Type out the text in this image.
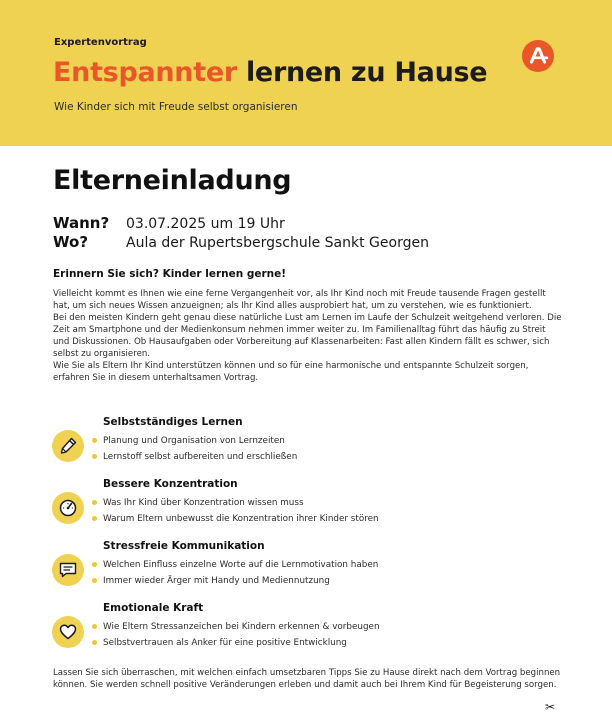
Expertenvortrag
Entspannter lernen zu Hause
Wie Kinder sich mit Freude selbst organisieren
Elterneinladung
Wann?	03.07.2025 um 19 Uhr
Wo?	Aula der Rupertsbergschule Sankt Georgen
Erinnern Sie sich? Kinder lernen gerne!

Vielleicht kommt es Ihnen wie eine ferne Vergangenheit vor, als Ihr Kind noch mit Freude tausende Fragen gestellt hat, um sich neues Wissen anzueignen; als Ihr Kind alles ausprobiert hat, um zu verstehen, wie es funktioniert.

Bei den meisten Kindern geht genau diese natürliche Lust am Lernen im Laufe der Schulzeit weitgehend verloren. Die Zeit am Smartphone und der Medienkonsum nehmen immer weiter zu. Im Familienalltag führt das häufig zu Streit und Diskussionen. Ob Hausaufgaben oder Vorbereitung auf Klassenarbeiten: Fast allen Kindern fällt es schwer, sich selbst zu organisieren.

Wie Sie als Eltern Ihr Kind unterstützen können und so für eine harmonische und entspannte Schulzeit sorgen, erfahren Sie in diesem unterhaltsamen Vortrag.

Selbstständiges Lernen
Planung und Organisation von Lernzeiten
Lernstoff selbst aufbereiten und erschließen
Bessere Konzentration
Was Ihr Kind über Konzentration wissen muss
Warum Eltern unbewusst die Konzentration ihrer Kinder stören
Stressfreie Kommunikation
Welchen Einfluss einzelne Worte auf die Lernmotivation haben
Immer wieder Ärger mit Handy und Mediennutzung
Emotionale Kraft
Wie Eltern Stressanzeichen bei Kindern erkennen & vorbeugen
Selbstvertrauen als Anker für eine positive Entwicklung
Lassen Sie sich überraschen, mit welchen einfach umsetzbaren Tipps Sie zu Hause direkt nach dem Vortrag beginnen können. Sie werden schnell positive Veränderungen erleben und damit auch bei Ihrem Kind für Begeisterung sorgen.
✂
